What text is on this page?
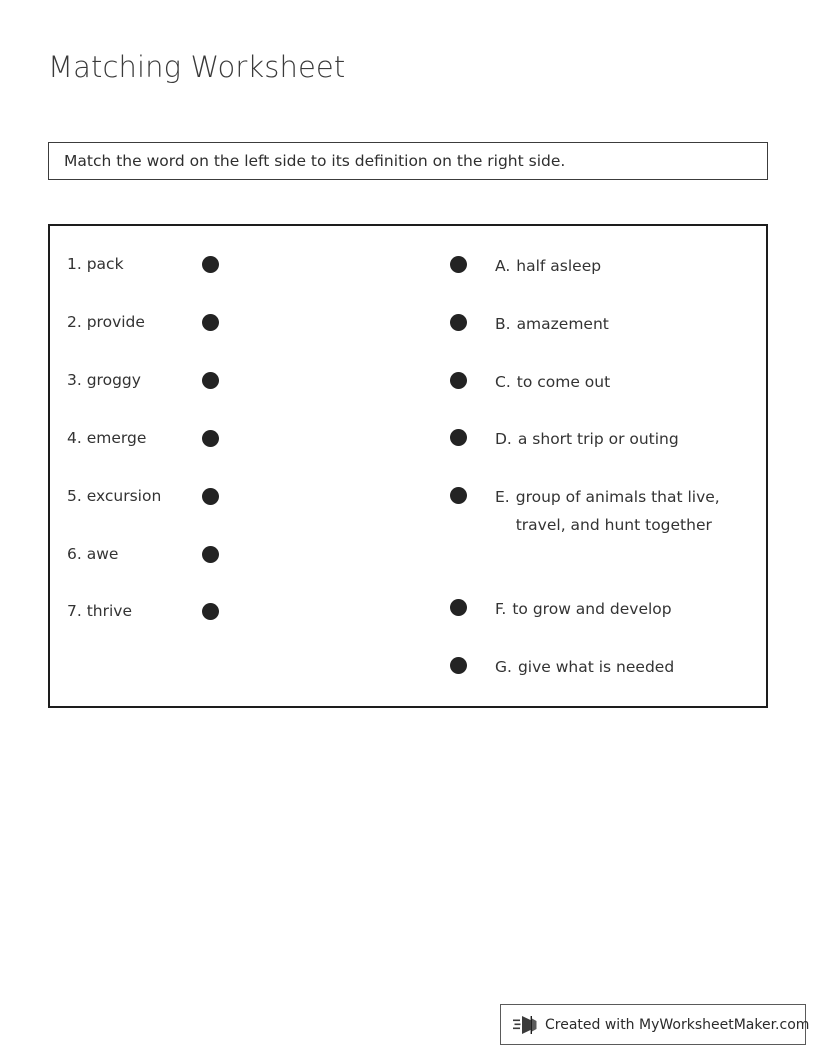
Matching Worksheet
Match the word on the left side to its definition on the right side.
1. pack
2. provide
3. groggy
4. emerge
5. excursion
6. awe
7. thrive
A. half asleep
B. amazement
C. to come out
D. a short trip or outing
E. group of animals that live, travel, and hunt together
F. to grow and develop
G. give what is needed
Created with MyWorksheetMaker.com
